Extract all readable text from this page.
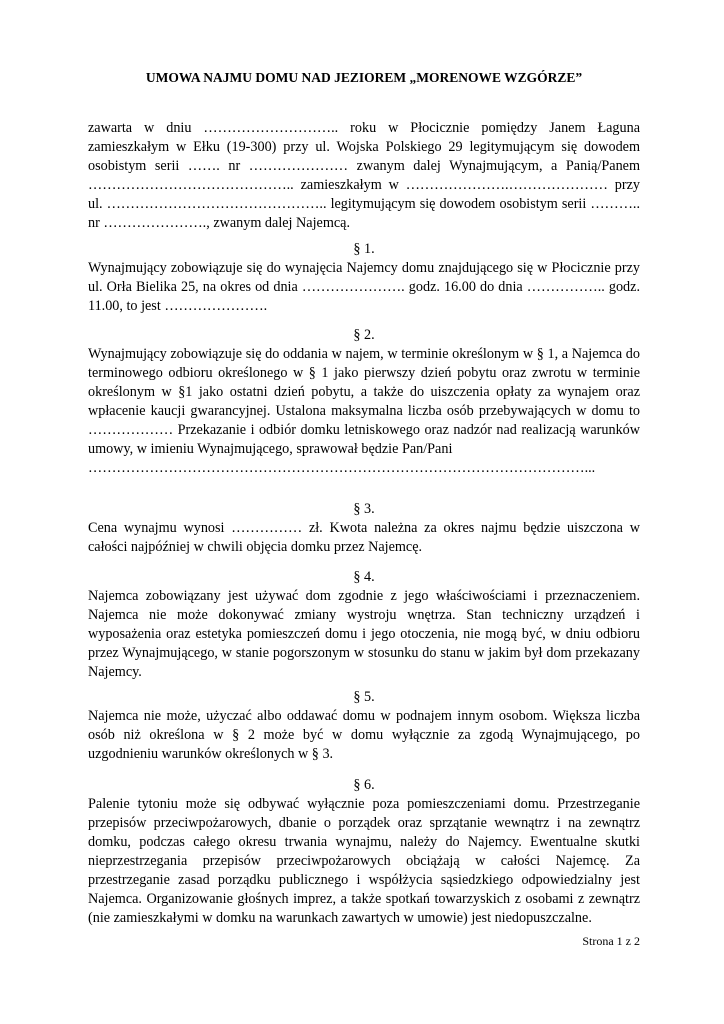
UMOWA NAJMU DOMU NAD JEZIOREM „MORENOWE WZGÓRZE”

zawarta w dniu ……………………….. roku w Płocicznie pomiędzy Janem Łaguna zamieszkałym w Ełku (19-300) przy ul. Wojska Polskiego 29 legitymującym się dowodem osobistym serii ……. nr ………………… zwanym dalej Wynajmującym, a Panią/Panem …………………………………….. zamieszkałym w ………………….………………… przy ul. ……………………………………….. legitymującym się dowodem osobistym serii ……….. nr …………………., zwanym dalej Najemcą.

§ 1.

Wynajmujący zobowiązuje się do wynajęcia Najemcy domu znajdującego się w Płocicznie przy ul. Orła Bielika 25, na okres od dnia …………………. godz. 16.00 do dnia …………….. godz. 11.00, to jest ………………….

§ 2.

Wynajmujący zobowiązuje się do oddania w najem, w terminie określonym w § 1, a Najemca do terminowego odbioru określonego w § 1 jako pierwszy dzień pobytu oraz zwrotu w terminie określonym w §1 jako ostatni dzień pobytu, a także do uiszczenia opłaty za wynajem oraz wpłacenie kaucji gwarancyjnej. Ustalona maksymalna liczba osób przebywających w domu to ……………… Przekazanie i odbiór domku letniskowego oraz nadzór nad realizacją warunków umowy, w imieniu Wynajmującego, sprawował będzie Pan/Pani

……………………………………………………………………………………………...

§ 3.

Cena wynajmu wynosi …………… zł. Kwota należna za okres najmu będzie uiszczona w całości najpóźniej w chwili objęcia domku przez Najemcę.

§ 4.

Najemca zobowiązany jest używać dom zgodnie z jego właściwościami i przeznaczeniem. Najemca nie może dokonywać zmiany wystroju wnętrza. Stan techniczny urządzeń i wyposażenia oraz estetyka pomieszczeń domu i jego otoczenia, nie mogą być, w dniu odbioru przez Wynajmującego, w stanie pogorszonym w stosunku do stanu w jakim był dom przekazany Najemcy.

§ 5.

Najemca nie może, użyczać albo oddawać domu w podnajem innym osobom. Większa liczba osób niż określona w § 2 może być w domu wyłącznie za zgodą Wynajmującego, po uzgodnieniu warunków określonych w § 3.

§ 6.

Palenie tytoniu może się odbywać wyłącznie poza pomieszczeniami domu. Przestrzeganie przepisów przeciwpożarowych, dbanie o porządek oraz sprzątanie wewnątrz i na zewnątrz domku, podczas całego okresu trwania wynajmu, należy do Najemcy. Ewentualne skutki nieprzestrzegania przepisów przeciwpożarowych obciążają w całości Najemcę. Za przestrzeganie zasad porządku publicznego i współżycia sąsiedzkiego odpowiedzialny jest Najemca. Organizowanie głośnych imprez, a także spotkań towarzyskich z osobami z zewnątrz (nie zamieszkałymi w domku na warunkach zawartych w umowie) jest niedopuszczalne.

Strona 1 z 2
